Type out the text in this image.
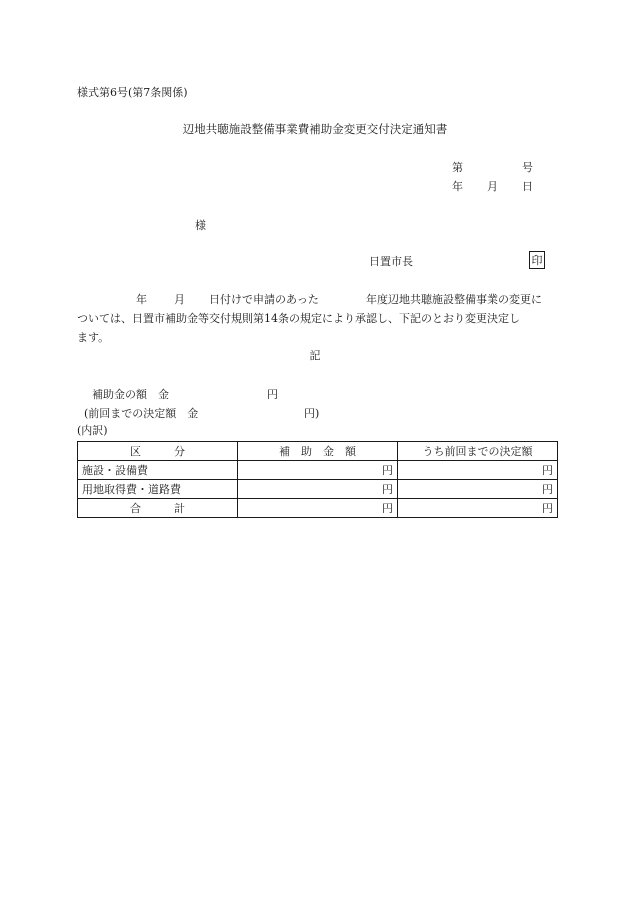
様式第6号(第7条関係)
辺地共聴施設整備事業費補助金変更交付決定通知書
第	号
年 月 日
様
日置市長	印
年 月 日付けで申請のあった	年度辺地共聴施設整備事業の変更に
ついては、日置市補助金等交付規則第14条の規定により承認し、下記のとおり変更決定し
ます。
記
補助金の額　金	円
(前回までの決定額　金	円)
(内訳)
区　　　分	補　助　金　額	うち前回までの決定額
施設・設備費	円	円
用地取得費・道路費	円	円
合　　　計	円	円
